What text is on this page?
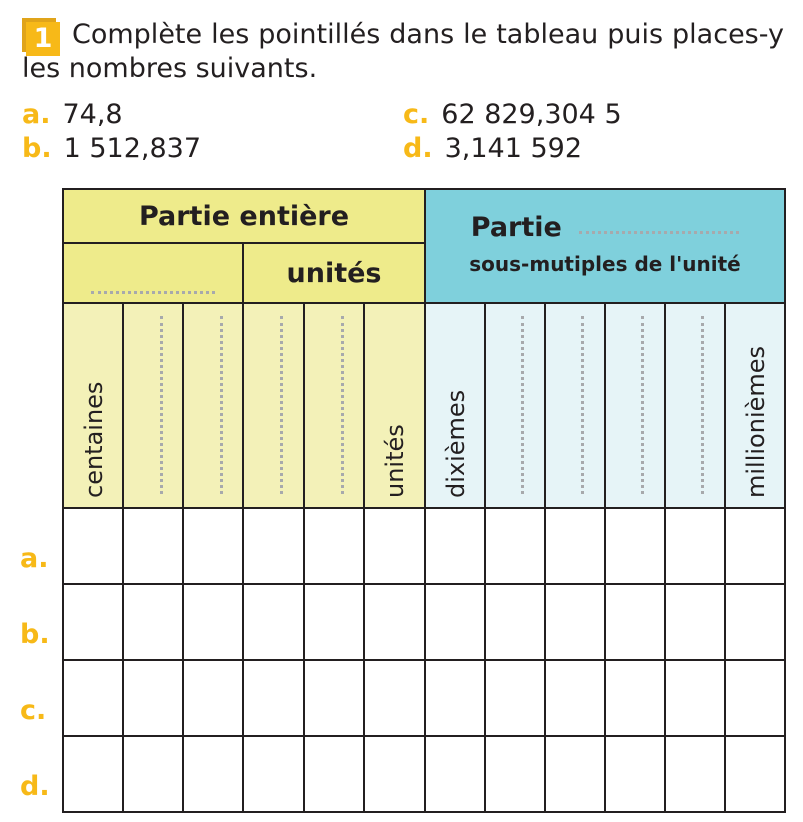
1 Complète les pointillés dans le tableau puis places-y les nombres suivants.
a. 74,8
b. 1 512,837
c. 62 829,304 5
d. 3,141 592
Partie entière
unités
Partie
sous-mutiples de l'unité
centaines	unités dixièmes	millionièmes
a.
b.
c.
d.
